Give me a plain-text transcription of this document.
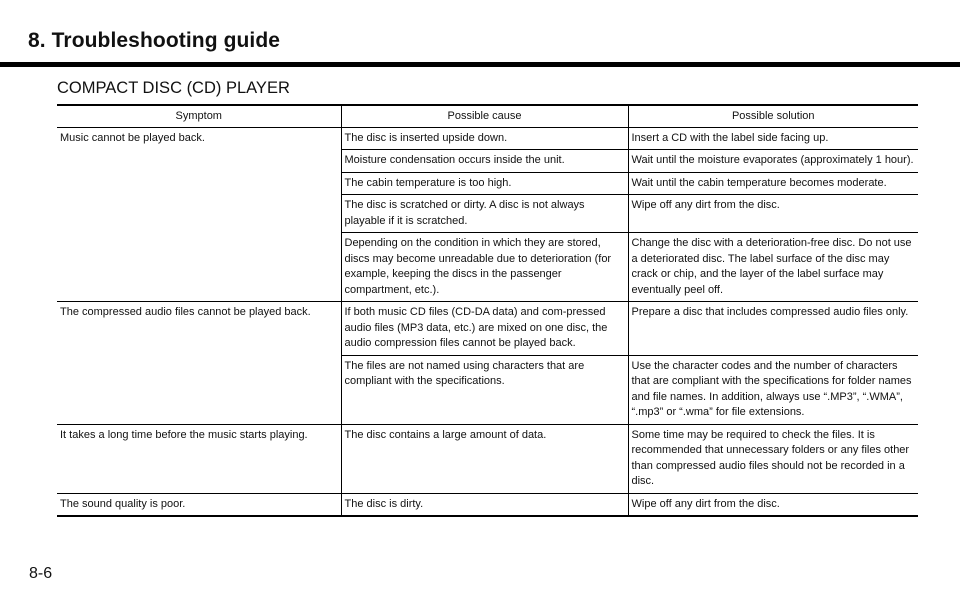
8. Troubleshooting guide
COMPACT DISC (CD) PLAYER
Symptom	Possible cause	Possible solution
Music cannot be played back.	The disc is inserted upside down.	Insert a CD with the label side facing up.
	Moisture condensation occurs inside the unit.	Wait until the moisture evaporates (approximately 1 hour).
	The cabin temperature is too high.	Wait until the cabin temperature becomes moderate.
	The disc is scratched or dirty. A disc is not always playable if it is scratched.	Wipe off any dirt from the disc.
	Depending on the condition in which they are stored, discs may become unreadable due to deterioration (for example, keeping the discs in the passenger compartment, etc.).	Change the disc with a deterioration-free disc. Do not use a deteriorated disc. The label surface of the disc may crack or chip, and the layer of the label surface may eventually peel off.
The compressed audio files cannot be played back.	If both music CD files (CD-DA data) and com-pressed audio files (MP3 data, etc.) are mixed on one disc, the audio compression files cannot be played back.	Prepare a disc that includes compressed audio files only.
	The files are not named using characters that are compliant with the specifications.	Use the character codes and the number of characters that are compliant with the specifications for folder names and file names. In addition, always use “.MP3”, “.WMA”, “.mp3” or “.wma” for file extensions.
It takes a long time before the music starts playing.	The disc contains a large amount of data.	Some time may be required to check the files. It is recommended that unnecessary folders or any files other than compressed audio files should not be recorded in a disc.
The sound quality is poor.	The disc is dirty.	Wipe off any dirt from the disc.
8-6
